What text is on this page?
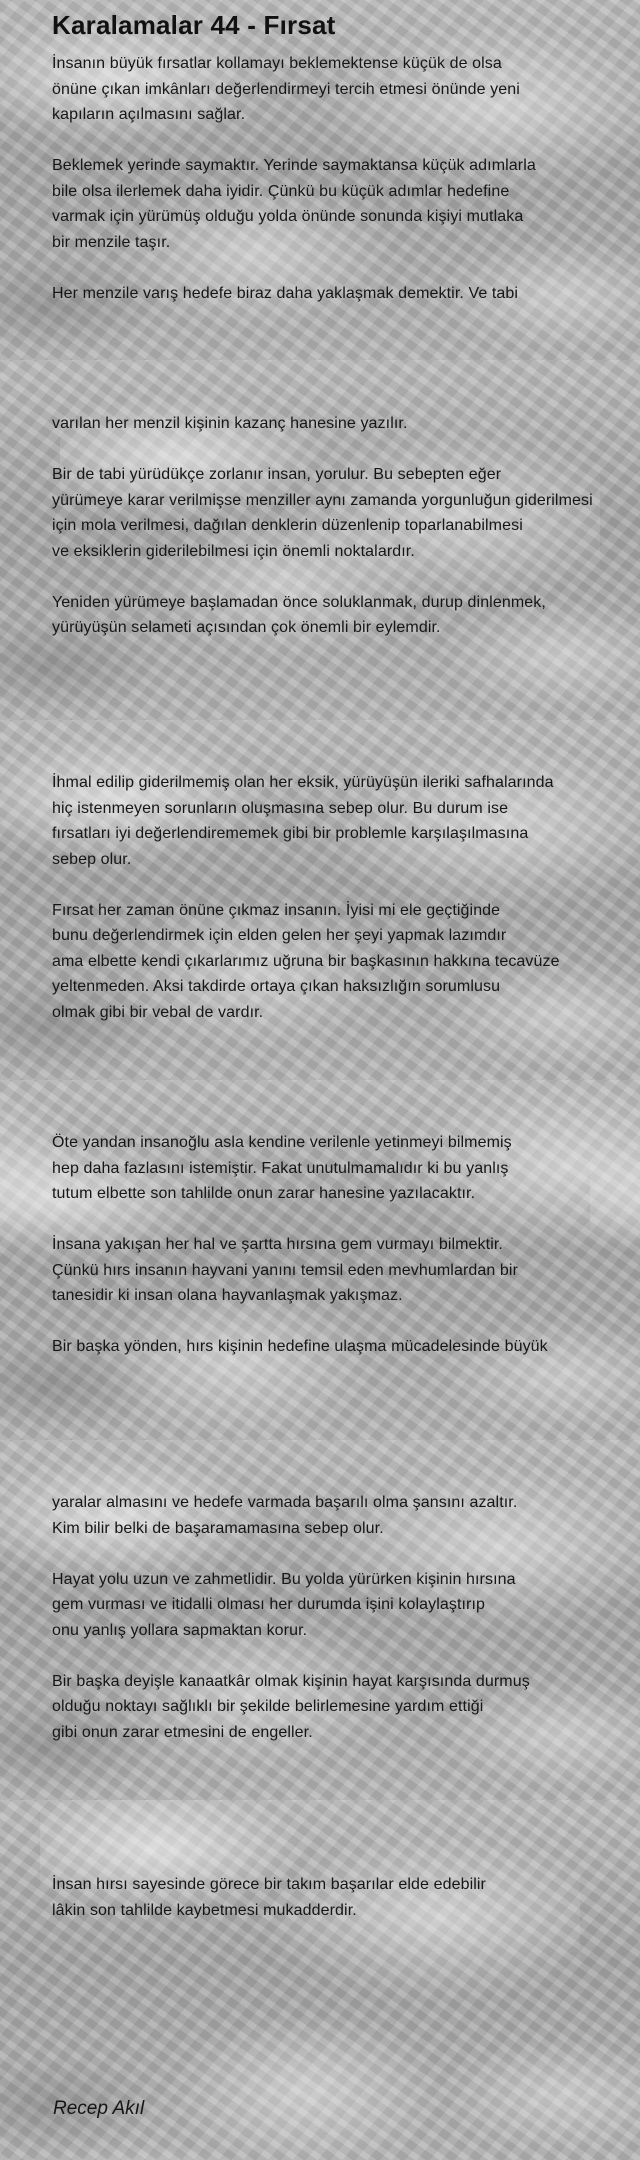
Karalamalar 44 - Fırsat

İnsanın büyük fırsatlar kollamayı beklemektense küçük de olsa
önüne çıkan imkânları değerlendirmeyi tercih etmesi önünde yeni
kapıların açılmasını sağlar.

Beklemek yerinde saymaktır. Yerinde saymaktansa küçük adımlarla
bile olsa ilerlemek daha iyidir. Çünkü bu küçük adımlar hedefine
varmak için yürümüş olduğu yolda önünde sonunda kişiyi mutlaka
bir menzile taşır.

Her menzile varış hedefe biraz daha yaklaşmak demektir. Ve tabi

varılan her menzil kişinin kazanç hanesine yazılır.

Bir de tabi yürüdükçe zorlanır insan, yorulur. Bu sebepten eğer
yürümeye karar verilmişse menziller aynı zamanda yorgunluğun giderilmesi
için mola verilmesi, dağılan denklerin düzenlenip toparlanabilmesi
ve eksiklerin giderilebilmesi için önemli noktalardır.

Yeniden yürümeye başlamadan önce soluklanmak, durup dinlenmek,
yürüyüşün selameti açısından çok önemli bir eylemdir.

İhmal edilip giderilmemiş olan her eksik, yürüyüşün ileriki safhalarında
hiç istenmeyen sorunların oluşmasına sebep olur. Bu durum ise
fırsatları iyi değerlendirememek gibi bir problemle karşılaşılmasına
sebep olur.

Fırsat her zaman önüne çıkmaz insanın. İyisi mi ele geçtiğinde
bunu değerlendirmek için elden gelen her şeyi yapmak lazımdır
ama elbette kendi çıkarlarımız uğruna bir başkasının hakkına tecavüze
yeltenmeden. Aksi takdirde ortaya çıkan haksızlığın sorumlusu
olmak gibi bir vebal de vardır.

Öte yandan insanoğlu asla kendine verilenle yetinmeyi bilmemiş
hep daha fazlasını istemiştir. Fakat unutulmamalıdır ki bu yanlış
tutum elbette son tahlilde onun zarar hanesine yazılacaktır.

İnsana yakışan her hal ve şartta hırsına gem vurmayı bilmektir.
Çünkü hırs insanın hayvani yanını temsil eden mevhumlardan bir
tanesidir ki insan olana hayvanlaşmak yakışmaz.

Bir başka yönden, hırs kişinin hedefine ulaşma mücadelesinde büyük

yaralar almasını ve hedefe varmada başarılı olma şansını azaltır.
Kim bilir belki de başaramamasına sebep olur.

Hayat yolu uzun ve zahmetlidir. Bu yolda yürürken kişinin hırsına
gem vurması ve itidalli olması her durumda işini kolaylaştırıp
onu yanlış yollara sapmaktan korur.

Bir başka deyişle kanaatkâr olmak kişinin hayat karşısında durmuş
olduğu noktayı sağlıklı bir şekilde belirlemesine yardım ettiği
gibi onun zarar etmesini de engeller.

İnsan hırsı sayesinde görece bir takım başarılar elde edebilir
lâkin son tahlilde kaybetmesi mukadderdir.

Recep Akıl
